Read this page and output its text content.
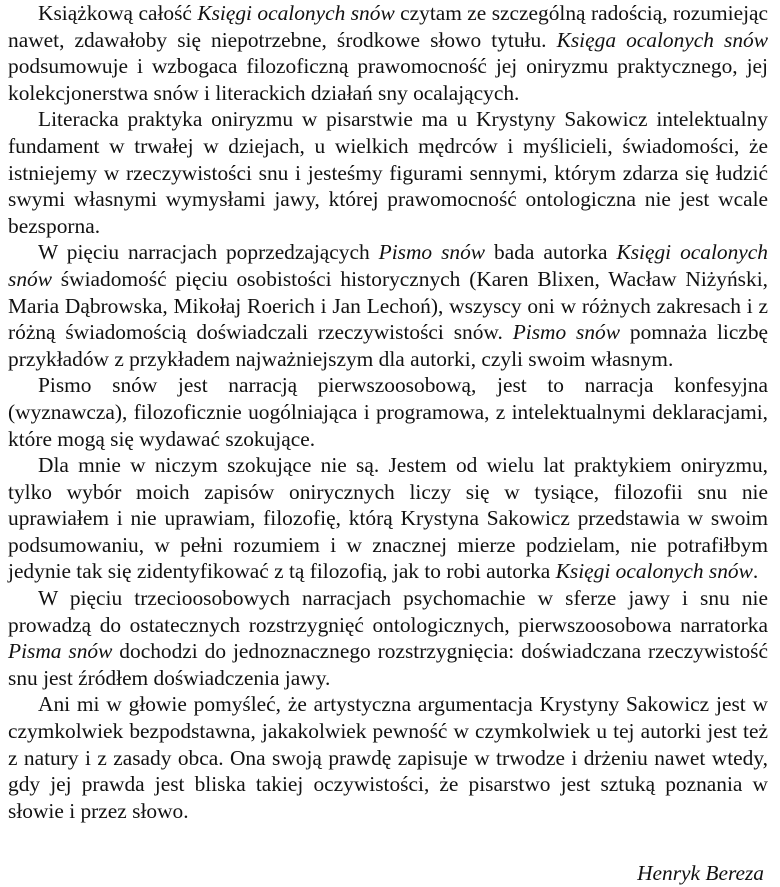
Książkową całość Księgi ocalonych snów czytam ze szczególną radością, rozumiejąc nawet, zdawałoby się niepotrzebne, środkowe słowo tytułu. Księga ocalonych snów podsumowuje i wzbogaca filozoficzną prawomocność jej oniryzmu praktycznego, jej kolekcjonerstwa snów i literackich działań sny ocalających.

Literacka praktyka oniryzmu w pisarstwie ma u Krystyny Sakowicz intelektualny fundament w trwałej w dziejach, u wielkich mędrców i myślicieli, świadomości, że istniejemy w rzeczywistości snu i jesteśmy figurami sennymi, którym zdarza się łudzić swymi własnymi wymysłami jawy, której prawomocność ontologiczna nie jest wcale bezsporna.

W pięciu narracjach poprzedzających Pismo snów bada autorka Księgi ocalonych snów świadomość pięciu osobistości historycznych (Karen Blixen, Wacław Niżyński, Maria Dąbrowska, Mikołaj Roerich i Jan Lechoń), wszyscy oni w różnych zakresach i z różną świadomością doświadczali rzeczywistości snów. Pismo snów pomnaża liczbę przykładów z przykładem najważniejszym dla autorki, czyli swoim własnym.

Pismo snów jest narracją pierwszoosobową, jest to narracja konfesyjna (wyznawcza), filozoficznie uogólniająca i programowa, z intelektualnymi deklaracjami, które mogą się wydawać szokujące.

Dla mnie w niczym szokujące nie są. Jestem od wielu lat praktykiem oniryzmu, tylko wybór moich zapisów onirycznych liczy się w tysiące, filozofii snu nie uprawiałem i nie uprawiam, filozofię, którą Krystyna Sakowicz przedstawia w swoim podsumowaniu, w pełni rozumiem i w znacznej mierze podzielam, nie potrafiłbym jedynie tak się zidentyfikować z tą filozofią, jak to robi autorka Księgi ocalonych snów.

W pięciu trzecioosobowych narracjach psychomachie w sferze jawy i snu nie prowadzą do ostatecznych rozstrzygnięć ontologicznych, pierwszoosobowa narratorka Pisma snów dochodzi do jednoznacznego rozstrzygnięcia: doświadczana rzeczywistość snu jest źródłem doświadczenia jawy.

Ani mi w głowie pomyśleć, że artystyczna argumentacja Krystyny Sakowicz jest w czymkolwiek bezpodstawna, jakakolwiek pewność w czymkolwiek u tej autorki jest też z natury i z zasady obca. Ona swoją prawdę zapisuje w trwodze i drżeniu nawet wtedy, gdy jej prawda jest bliska takiej oczywistości, że pisarstwo jest sztuką poznania w słowie i przez słowo.

Henryk Bereza
